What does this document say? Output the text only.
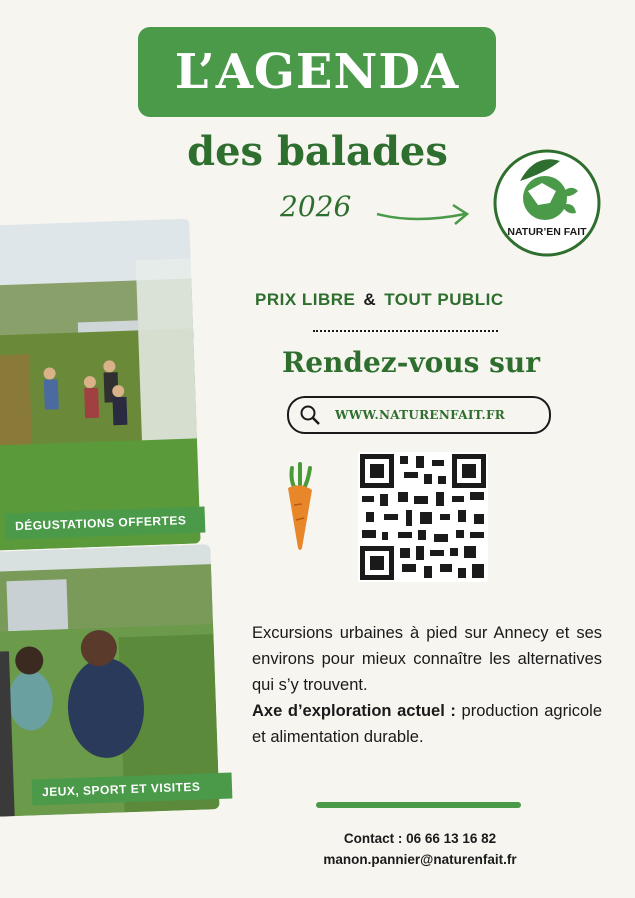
L’AGENDA
des balades
2026
NATUR’EN FAIT
DÉGUSTATIONS OFFERTES
JEUX, SPORT ET VISITES
PRIX LIBRE & TOUT PUBLIC
Rendez-vous sur
WWW.NATURENFAIT.FR
Excursions urbaines à pied sur Annecy et ses environs pour mieux connaître les alternatives qui s’y trouvent.
Axe d’exploration actuel : production agricole et alimentation durable.
Contact : 06 66 13 16 82
manon.pannier@naturenfait.fr
